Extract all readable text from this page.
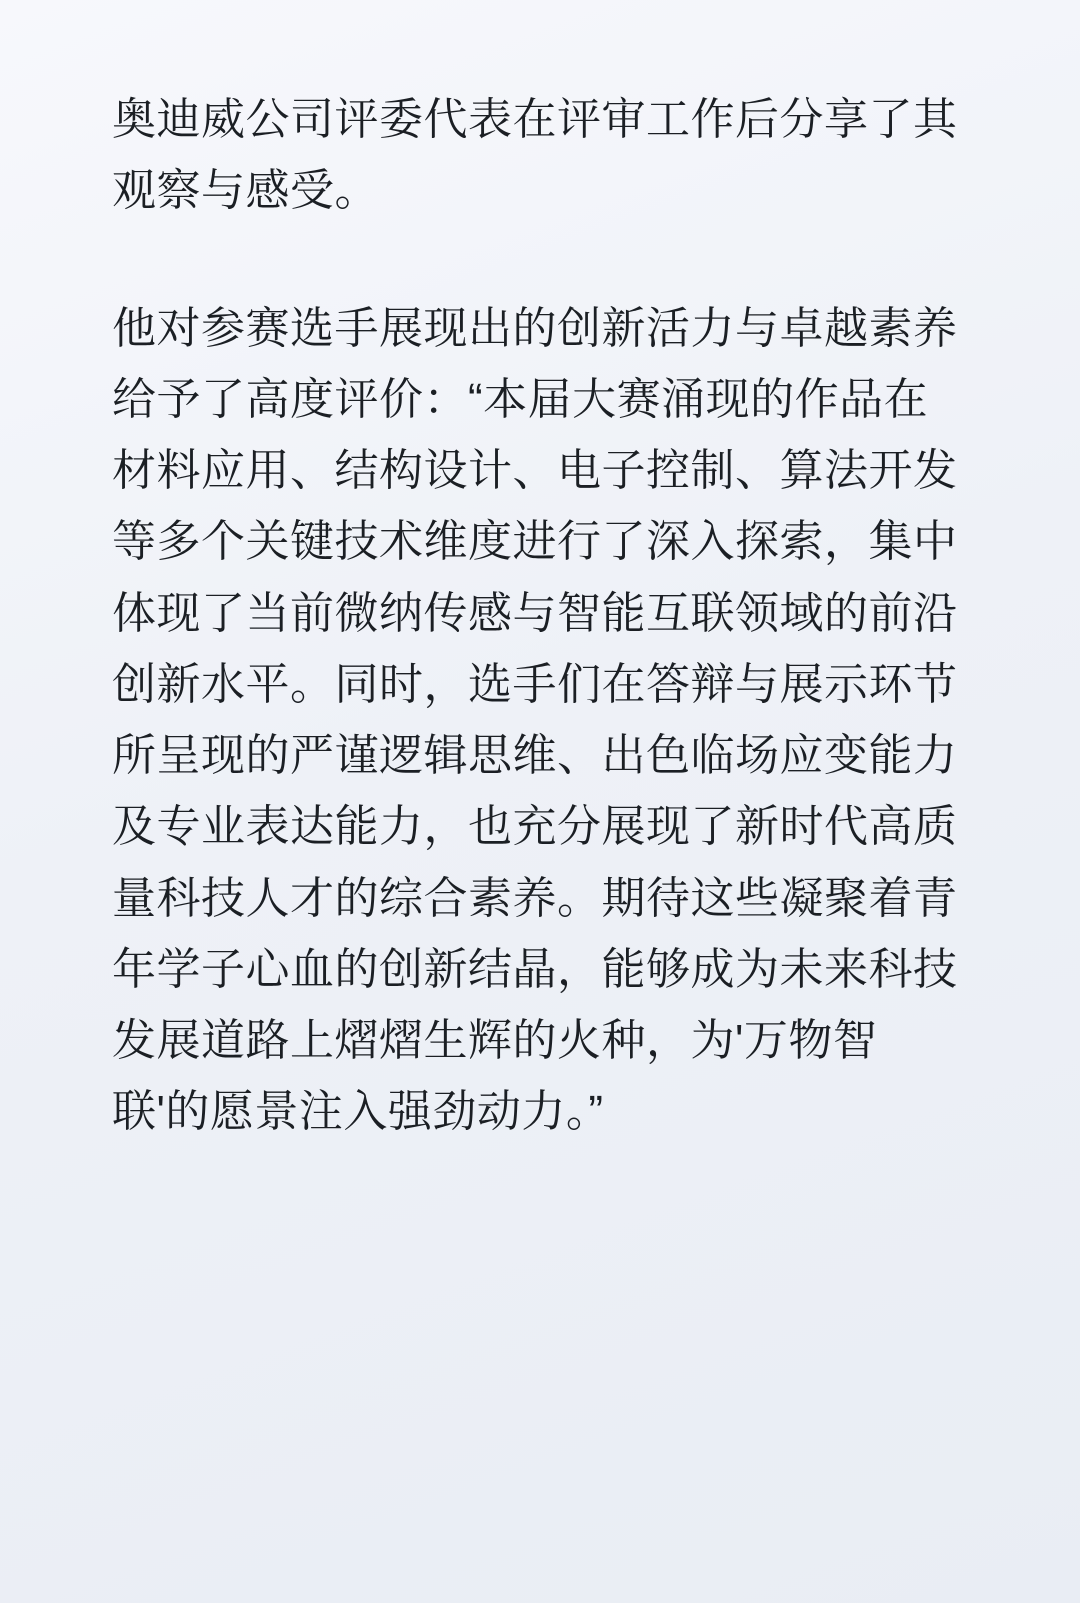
奥迪威公司评委代表在评审工作后分享了其观察与感受。

他对参赛选手展现出的创新活力与卓越素养给予了高度评价：“本届大赛涌现的作品在材料应用、结构设计、电子控制、算法开发等多个关键技术维度进行了深入探索，集中体现了当前微纳传感与智能互联领域的前沿创新水平。同时，选手们在答辩与展示环节所呈现的严谨逻辑思维、出色临场应变能力及专业表达能力，也充分展现了新时代高质量科技人才的综合素养。期待这些凝聚着青年学子心血的创新结晶，能够成为未来科技发展道路上熠熠生辉的火种，为'万物智联'的愿景注入强劲动力。”
